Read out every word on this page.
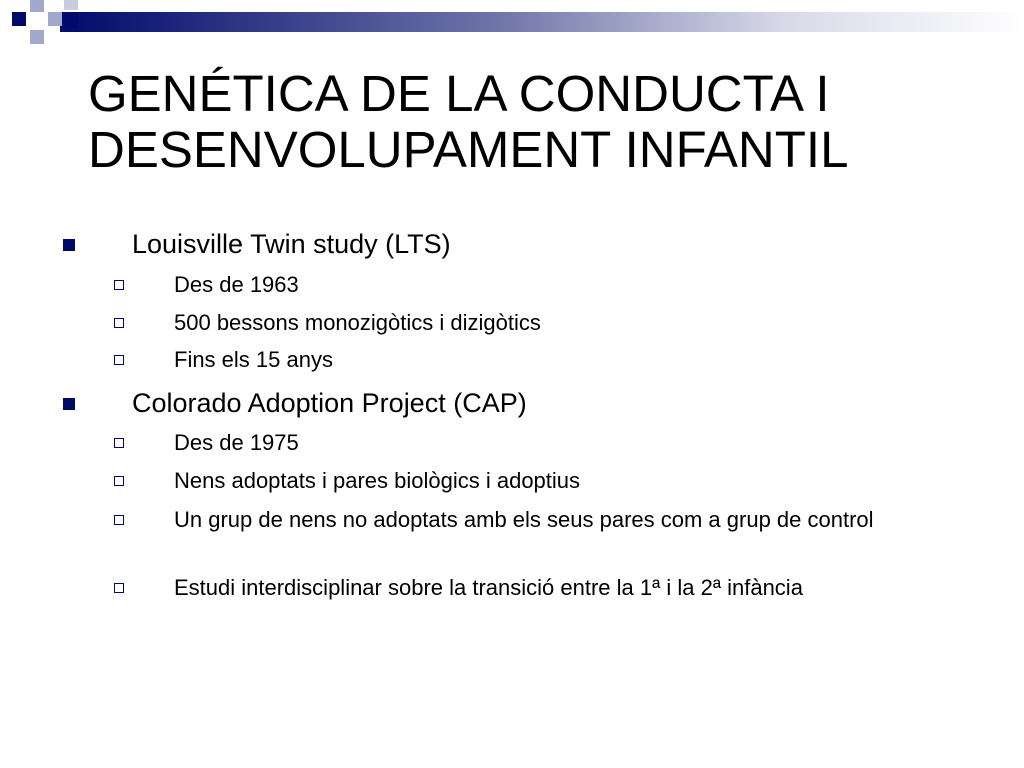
GENÉTICA DE LA CONDUCTA I
DESENVOLUPAMENT INFANTIL
Louisville Twin study (LTS)
Des de 1963
500 bessons monozigòtics i dizigòtics
Fins els 15 anys
Colorado Adoption Project (CAP)
Des de 1975
Nens adoptats i pares biològics i adoptius
Un grup de nens no adoptats amb els seus pares com a grup de control
Estudi interdisciplinar sobre la transició entre la 1ª i la 2ª infància
